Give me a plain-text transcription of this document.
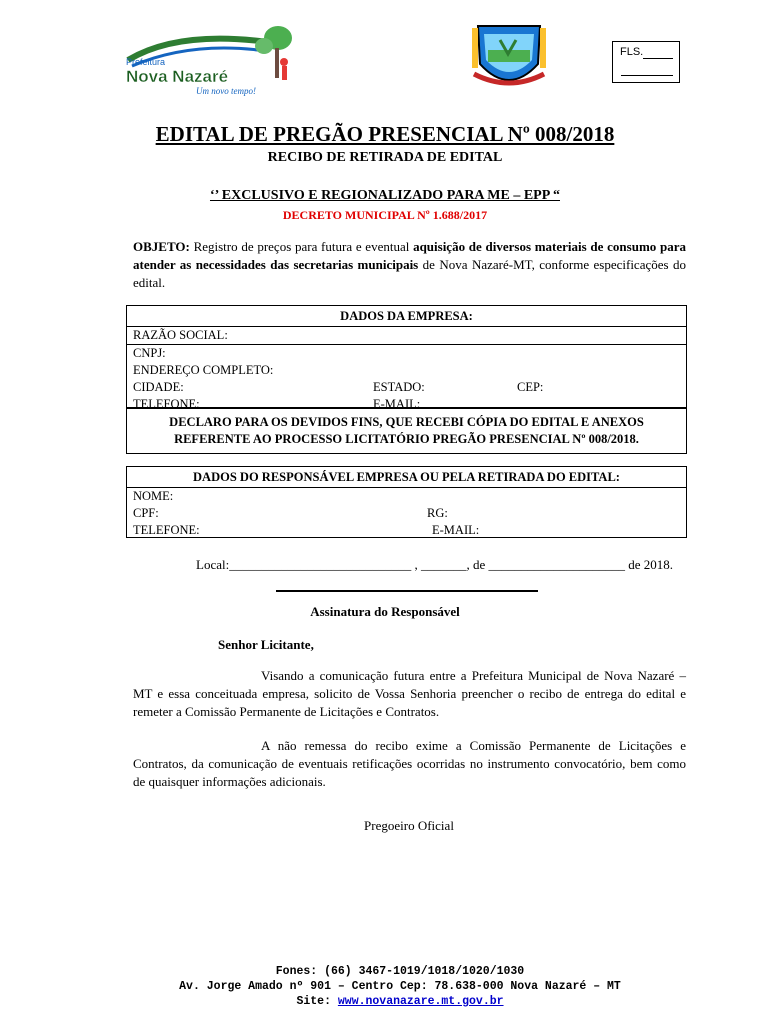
Prefeitura
Nova Nazaré
Um novo tempo!
FLS.
EDITAL DE PREGÃO PRESENCIAL Nº 008/2018
RECIBO DE RETIRADA DE EDITAL
‘’ EXCLUSIVO E REGIONALIZADO PARA ME – EPP “
DECRETO MUNICIPAL Nº 1.688/2017
OBJETO: Registro de preços para futura e eventual aquisição de diversos materiais de consumo para atender as necessidades das secretarias municipais de Nova Nazaré-MT, conforme especificações do edital.
DADOS DA EMPRESA:
RAZÃO SOCIAL:
CNPJ:
ENDEREÇO COMPLETO:
CIDADE:	ESTADO:	CEP:
TELEFONE:	E-MAIL:
DECLARO PARA OS DEVIDOS FINS, QUE RECEBI CÓPIA DO EDITAL E ANEXOS
REFERENTE AO PROCESSO LICITATÓRIO PREGÃO PRESENCIAL Nº 008/2018.
DADOS DO RESPONSÁVEL EMPRESA OU PELA RETIRADA DO EDITAL:
NOME:
CPF:	RG:
TELEFONE:	E-MAIL:
Local:____________________________ , _______, de _____________________ de 2018.
Assinatura do Responsável
Senhor Licitante,
Visando a comunicação futura entre a Prefeitura Municipal de Nova Nazaré – MT e essa conceituada empresa, solicito de Vossa Senhoria preencher o recibo de entrega do edital e remeter a Comissão Permanente de Licitações e Contratos.
A não remessa do recibo exime a Comissão Permanente de Licitações e Contratos, da comunicação de eventuais retificações ocorridas no instrumento convocatório, bem como de quaisquer informações adicionais.
Pregoeiro Oficial
Fones: (66) 3467-1019/1018/1020/1030
Av. Jorge Amado nº 901 – Centro Cep: 78.638-000 Nova Nazaré – MT
Site: www.novanazare.mt.gov.br
